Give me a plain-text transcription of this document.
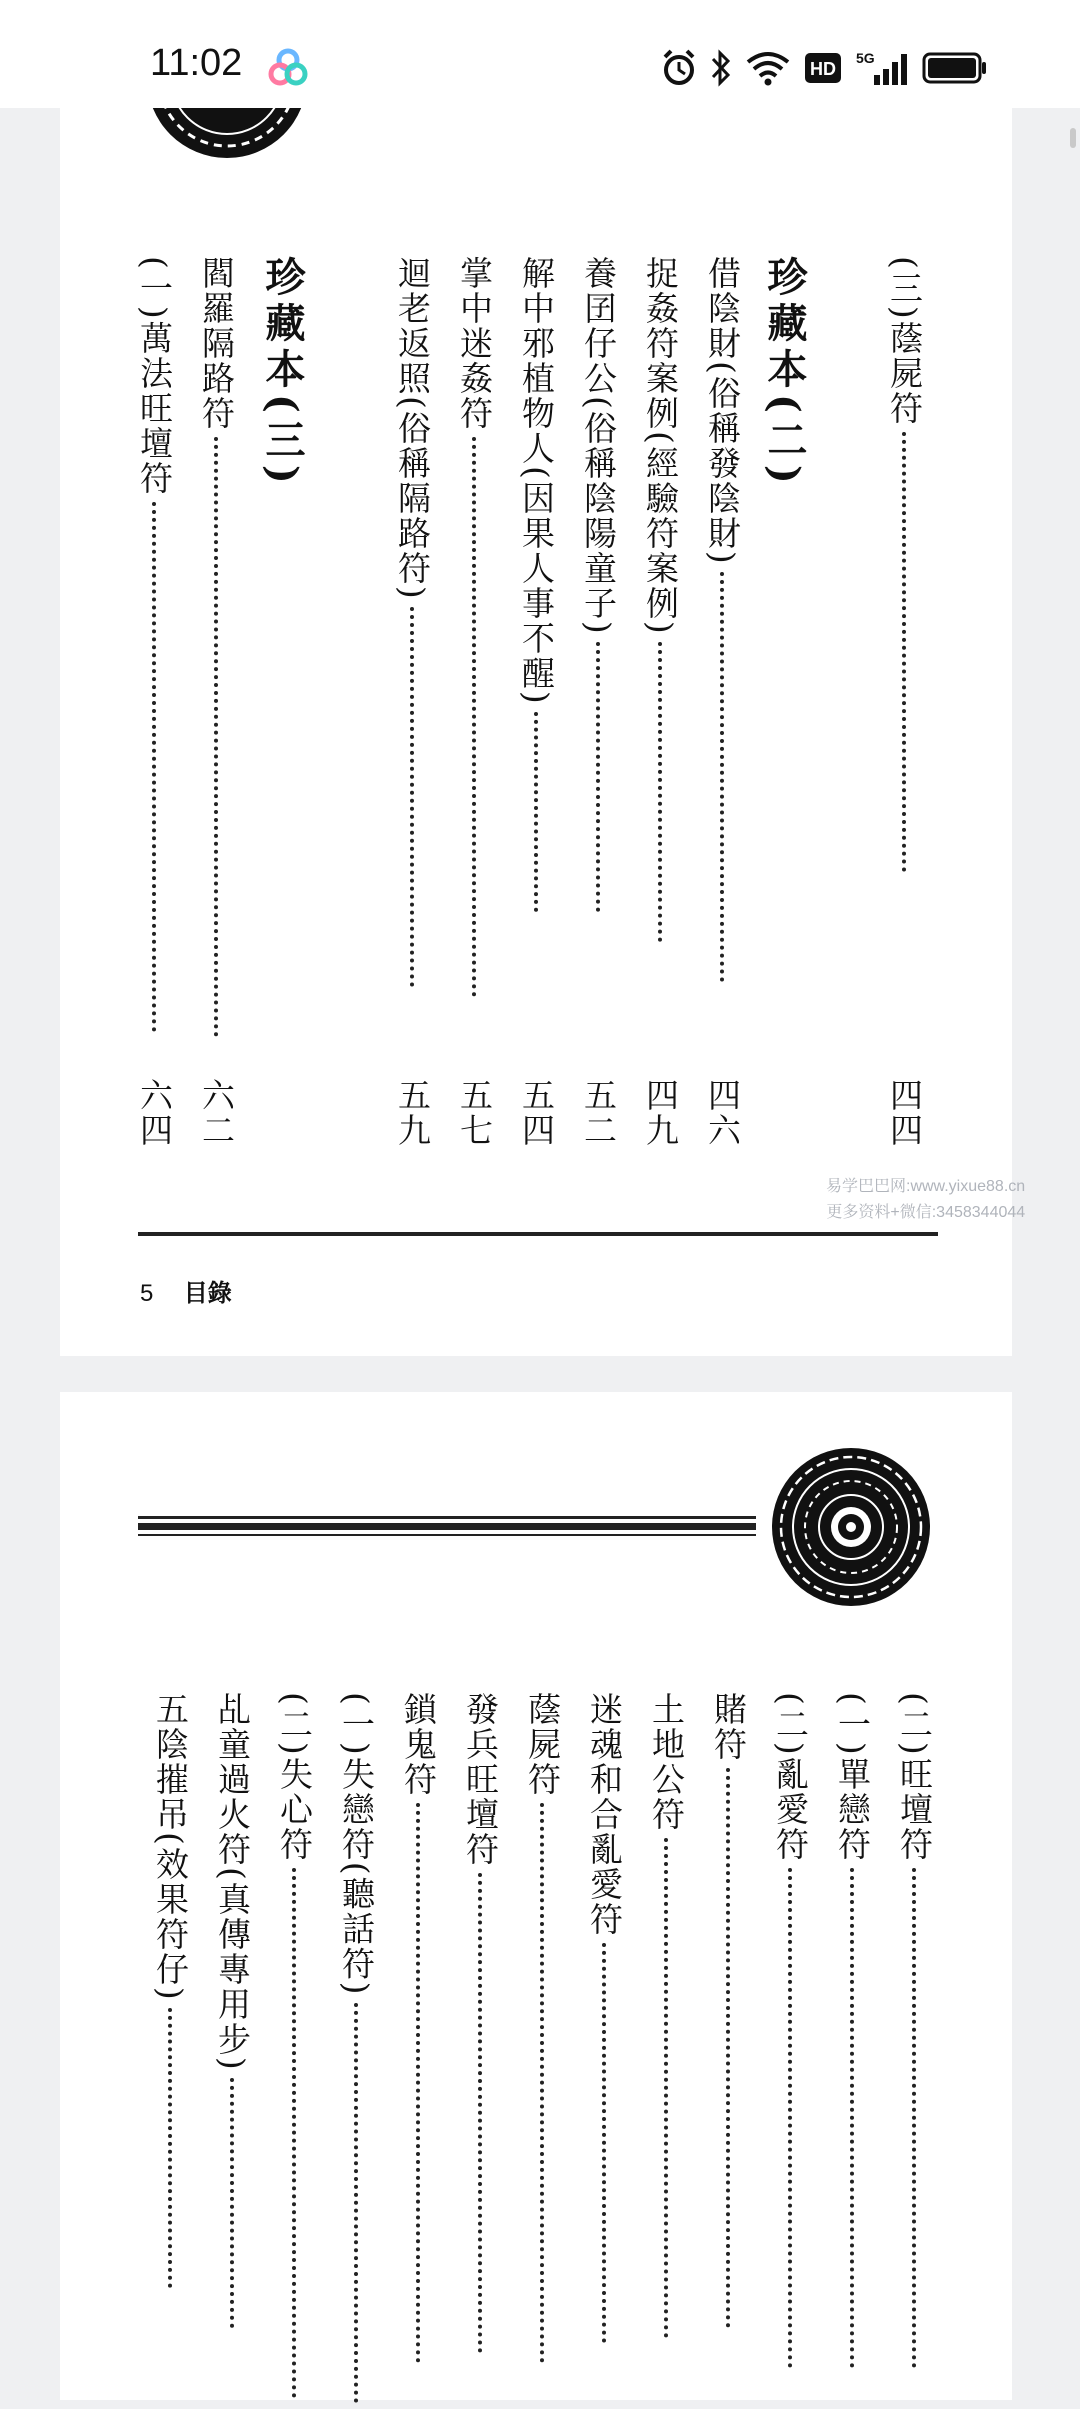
11:02	HD
5G
(三)蔭屍符
四四
珍藏本(二)
借陰財(俗稱發陰財)
四六
捉姦符案例(經驗符案例)
四九
養囝仔公(俗稱陰陽童子)
五二
解中邪植物人(因果人事不醒)
五四
掌中迷姦符
五七
迴老返照(俗稱隔路符)
五九
珍藏本(三)
閻羅隔路符
六二
(一)萬法旺壇符
六四
5 目錄
易学巴巴网:www.yixue88.cn
更多资料+微信:3458344044
(二)旺壇符
(一)單戀符
(二)亂愛符
賭符
土地公符
迷魂和合亂愛符
蔭屍符
發兵旺壇符
鎖鬼符
(一)失戀符(聽話符)
(二)失心符
乩童過火符(真傳專用步)
五陰摧吊(效果符仔)
